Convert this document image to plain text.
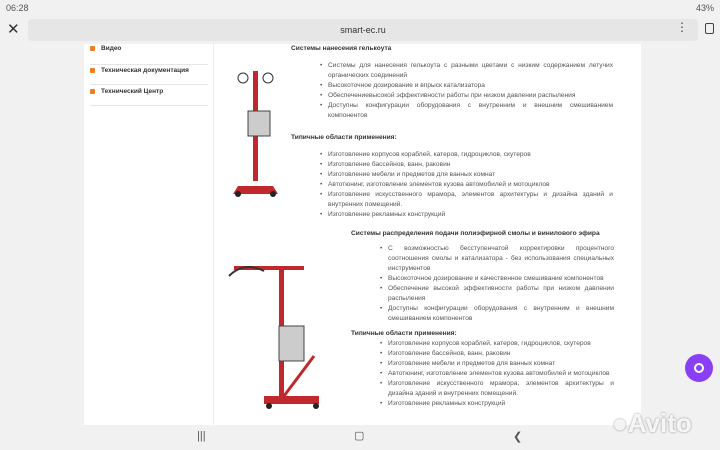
06:28	43%
✕	smart-ec.ru	⋮
Видео
Техническая документация
Технический Центр
Системы нанесения гелькоута
• Системы для нанесения гелькоута с разными цветами с низким содержанием летучих органических соединений
• Высокоточное дозирование и впрыск катализатора
• Обеспечениевысокой эффективности работы при низком давлении распыления
• Доступны конфигурации оборудования с внутренним и внешним смешиванием компонентов
Типичные области применения:
• Изготовление корпусов кораблей, катеров, гидроциклов, скутеров
• Изготовление бассейнов, ванн, раковин
• Изготовление мебели и предметов для ванных комнат
• Автотюнинг, изготовление элементов кузова автомобилей и мотоциклов
• Изготовление искусственного мрамора, элементов архитектуры и дизайна зданий и внутренних помещений.
• Изготовление рекламных конструкций
Системы распределения подачи полиэфирной смолы и винилового эфира
• С возможностью бесступенчатой корректировки процентного соотношения смолы и катализатора - без использования специальных инструментов
• Высокоточное дозирование и качественное смешивание компонентов
• Обеспечение высокой эффективности работы при низком давлении распыления
• Доступны конфигурации оборудования с внутренним и внешним смешиванием компонентов
Типичные области применения:
• Изготовление корпусов кораблей, катеров, гидроциклов, скутеров
• Изготовление бассейнов, ванн, раковин
• Изготовление мебели и предметов для ванных комнат
• Автотюнинг, изготовление элементов кузова автомобилей и мотоциклов
• Изготовление искусственного мрамора, элементов архитектуры и дизайна зданий и внутренних помещений.
• Изготовление рекламных конструкций
|||	▢	❮	●Avito
